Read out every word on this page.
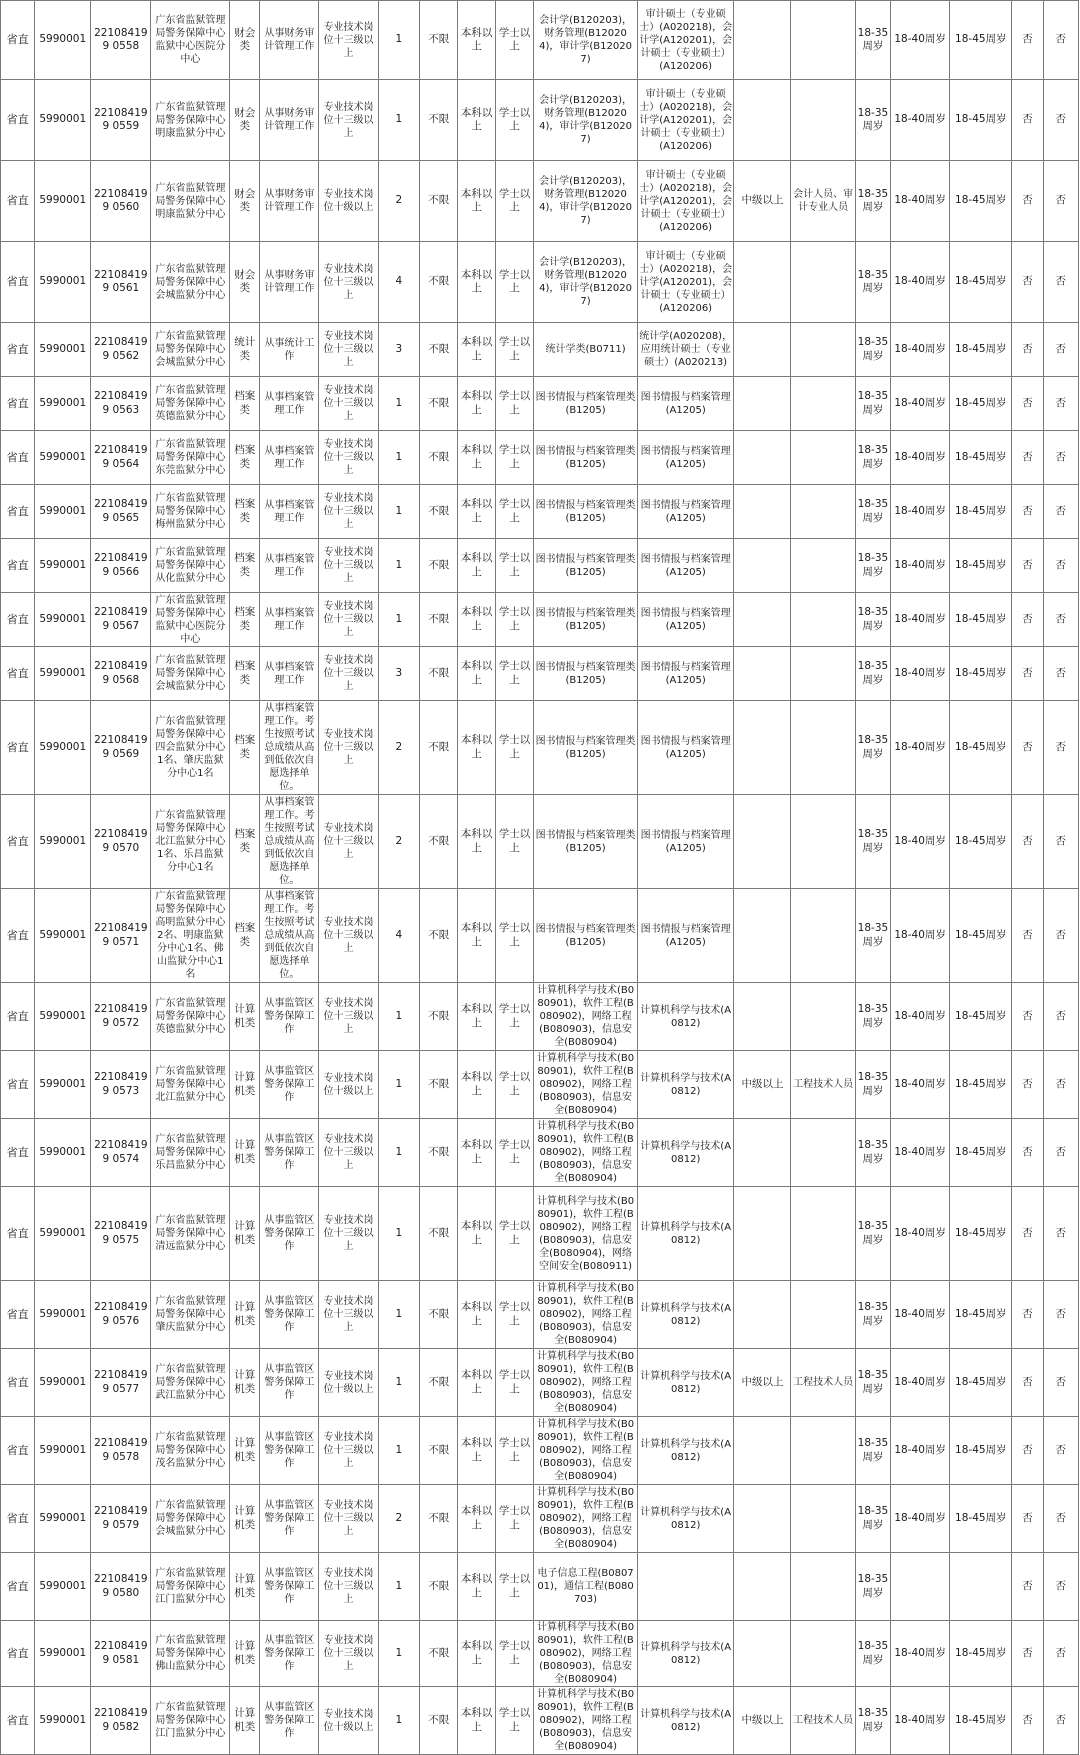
省直	5990001	221084199 0558	广东省监狱管理局警务保障中心监狱中心医院分中心	财会类	从事财务审计管理工作	专业技术岗位十三级以上	1	不限	本科以上	学士以上	会计学(B120203)，财务管理(B120204)，审计学(B120207)	审计硕士（专业硕士）(A020218)，会计学(A120201)，会计硕士（专业硕士）(A120206)			18-35周岁	18-40周岁	18-45周岁	否	否
省直	5990001	221084199 0559	广东省监狱管理局警务保障中心明康监狱分中心	财会类	从事财务审计管理工作	专业技术岗位十三级以上	1	不限	本科以上	学士以上	会计学(B120203)，财务管理(B120204)，审计学(B120207)	审计硕士（专业硕士）(A020218)，会计学(A120201)，会计硕士（专业硕士）(A120206)			18-35周岁	18-40周岁	18-45周岁	否	否
省直	5990001	221084199 0560	广东省监狱管理局警务保障中心明康监狱分中心	财会类	从事财务审计管理工作	专业技术岗位十级以上	2	不限	本科以上	学士以上	会计学(B120203)，财务管理(B120204)，审计学(B120207)	审计硕士（专业硕士）(A020218)，会计学(A120201)，会计硕士（专业硕士）(A120206)	中级以上	会计人员、审计专业人员	18-35周岁	18-40周岁	18-45周岁	否	否
省直	5990001	221084199 0561	广东省监狱管理局警务保障中心会城监狱分中心	财会类	从事财务审计管理工作	专业技术岗位十三级以上	4	不限	本科以上	学士以上	会计学(B120203)，财务管理(B120204)，审计学(B120207)	审计硕士（专业硕士）(A020218)，会计学(A120201)，会计硕士（专业硕士）(A120206)			18-35周岁	18-40周岁	18-45周岁	否	否
省直	5990001	221084199 0562	广东省监狱管理局警务保障中心会城监狱分中心	统计类	从事统计工作	专业技术岗位十三级以上	3	不限	本科以上	学士以上	统计学类(B0711)	统计学(A020208)，应用统计硕士（专业硕士）(A020213)			18-35周岁	18-40周岁	18-45周岁	否	否
省直	5990001	221084199 0563	广东省监狱管理局警务保障中心英德监狱分中心	档案类	从事档案管理工作	专业技术岗位十三级以上	1	不限	本科以上	学士以上	图书情报与档案管理类(B1205)	图书情报与档案管理(A1205)			18-35周岁	18-40周岁	18-45周岁	否	否
省直	5990001	221084199 0564	广东省监狱管理局警务保障中心东莞监狱分中心	档案类	从事档案管理工作	专业技术岗位十三级以上	1	不限	本科以上	学士以上	图书情报与档案管理类(B1205)	图书情报与档案管理(A1205)			18-35周岁	18-40周岁	18-45周岁	否	否
省直	5990001	221084199 0565	广东省监狱管理局警务保障中心梅州监狱分中心	档案类	从事档案管理工作	专业技术岗位十三级以上	1	不限	本科以上	学士以上	图书情报与档案管理类(B1205)	图书情报与档案管理(A1205)			18-35周岁	18-40周岁	18-45周岁	否	否
省直	5990001	221084199 0566	广东省监狱管理局警务保障中心从化监狱分中心	档案类	从事档案管理工作	专业技术岗位十三级以上	1	不限	本科以上	学士以上	图书情报与档案管理类(B1205)	图书情报与档案管理(A1205)			18-35周岁	18-40周岁	18-45周岁	否	否
省直	5990001	221084199 0567	广东省监狱管理局警务保障中心监狱中心医院分中心	档案类	从事档案管理工作	专业技术岗位十三级以上	1	不限	本科以上	学士以上	图书情报与档案管理类(B1205)	图书情报与档案管理(A1205)			18-35周岁	18-40周岁	18-45周岁	否	否
省直	5990001	221084199 0568	广东省监狱管理局警务保障中心会城监狱分中心	档案类	从事档案管理工作	专业技术岗位十三级以上	3	不限	本科以上	学士以上	图书情报与档案管理类(B1205)	图书情报与档案管理(A1205)			18-35周岁	18-40周岁	18-45周岁	否	否
省直	5990001	221084199 0569	广东省监狱管理局警务保障中心四会监狱分中心1名、肇庆监狱分中心1名	档案类	从事档案管理工作。考生按照考试总成绩从高到低依次自愿选择单位。	专业技术岗位十三级以上	2	不限	本科以上	学士以上	图书情报与档案管理类(B1205)	图书情报与档案管理(A1205)			18-35周岁	18-40周岁	18-45周岁	否	否
省直	5990001	221084199 0570	广东省监狱管理局警务保障中心北江监狱分中心1名、乐昌监狱分中心1名	档案类	从事档案管理工作。考生按照考试总成绩从高到低依次自愿选择单位。	专业技术岗位十三级以上	2	不限	本科以上	学士以上	图书情报与档案管理类(B1205)	图书情报与档案管理(A1205)			18-35周岁	18-40周岁	18-45周岁	否	否
省直	5990001	221084199 0571	广东省监狱管理局警务保障中心高明监狱分中心2名、明康监狱分中心1名、佛山监狱分中心1名	档案类	从事档案管理工作。考生按照考试总成绩从高到低依次自愿选择单位。	专业技术岗位十三级以上	4	不限	本科以上	学士以上	图书情报与档案管理类(B1205)	图书情报与档案管理(A1205)			18-35周岁	18-40周岁	18-45周岁	否	否
省直	5990001	221084199 0572	广东省监狱管理局警务保障中心英德监狱分中心	计算机类	从事监管区警务保障工作	专业技术岗位十三级以上	1	不限	本科以上	学士以上	计算机科学与技术(B080901)，软件工程(B080902)，网络工程(B080903)，信息安全(B080904)	计算机科学与技术(A0812)			18-35周岁	18-40周岁	18-45周岁	否	否
省直	5990001	221084199 0573	广东省监狱管理局警务保障中心北江监狱分中心	计算机类	从事监管区警务保障工作	专业技术岗位十级以上	1	不限	本科以上	学士以上	计算机科学与技术(B080901)，软件工程(B080902)，网络工程(B080903)，信息安全(B080904)	计算机科学与技术(A0812)	中级以上	工程技术人员	18-35周岁	18-40周岁	18-45周岁	否	否
省直	5990001	221084199 0574	广东省监狱管理局警务保障中心乐昌监狱分中心	计算机类	从事监管区警务保障工作	专业技术岗位十三级以上	1	不限	本科以上	学士以上	计算机科学与技术(B080901)，软件工程(B080902)，网络工程(B080903)，信息安全(B080904)	计算机科学与技术(A0812)			18-35周岁	18-40周岁	18-45周岁	否	否
省直	5990001	221084199 0575	广东省监狱管理局警务保障中心清远监狱分中心	计算机类	从事监管区警务保障工作	专业技术岗位十三级以上	1	不限	本科以上	学士以上	计算机科学与技术(B080901)，软件工程(B080902)，网络工程(B080903)，信息安全(B080904)，网络空间安全(B080911)	计算机科学与技术(A0812)			18-35周岁	18-40周岁	18-45周岁	否	否
省直	5990001	221084199 0576	广东省监狱管理局警务保障中心肇庆监狱分中心	计算机类	从事监管区警务保障工作	专业技术岗位十三级以上	1	不限	本科以上	学士以上	计算机科学与技术(B080901)，软件工程(B080902)，网络工程(B080903)，信息安全(B080904)	计算机科学与技术(A0812)			18-35周岁	18-40周岁	18-45周岁	否	否
省直	5990001	221084199 0577	广东省监狱管理局警务保障中心武江监狱分中心	计算机类	从事监管区警务保障工作	专业技术岗位十级以上	1	不限	本科以上	学士以上	计算机科学与技术(B080901)，软件工程(B080902)，网络工程(B080903)，信息安全(B080904)	计算机科学与技术(A0812)	中级以上	工程技术人员	18-35周岁	18-40周岁	18-45周岁	否	否
省直	5990001	221084199 0578	广东省监狱管理局警务保障中心茂名监狱分中心	计算机类	从事监管区警务保障工作	专业技术岗位十三级以上	1	不限	本科以上	学士以上	计算机科学与技术(B080901)，软件工程(B080902)，网络工程(B080903)，信息安全(B080904)	计算机科学与技术(A0812)			18-35周岁	18-40周岁	18-45周岁	否	否
省直	5990001	221084199 0579	广东省监狱管理局警务保障中心会城监狱分中心	计算机类	从事监管区警务保障工作	专业技术岗位十三级以上	2	不限	本科以上	学士以上	计算机科学与技术(B080901)，软件工程(B080902)，网络工程(B080903)，信息安全(B080904)	计算机科学与技术(A0812)			18-35周岁	18-40周岁	18-45周岁	否	否
省直	5990001	221084199 0580	广东省监狱管理局警务保障中心江门监狱分中心	计算机类	从事监管区警务保障工作	专业技术岗位十三级以上	1	不限	本科以上	学士以上	电子信息工程(B080701)，通信工程(B080703)				18-35周岁			否	否
省直	5990001	221084199 0581	广东省监狱管理局警务保障中心佛山监狱分中心	计算机类	从事监管区警务保障工作	专业技术岗位十三级以上	1	不限	本科以上	学士以上	计算机科学与技术(B080901)，软件工程(B080902)，网络工程(B080903)，信息安全(B080904)	计算机科学与技术(A0812)			18-35周岁	18-40周岁	18-45周岁	否	否
省直	5990001	221084199 0582	广东省监狱管理局警务保障中心江门监狱分中心	计算机类	从事监管区警务保障工作	专业技术岗位十级以上	1	不限	本科以上	学士以上	计算机科学与技术(B080901)，软件工程(B080902)，网络工程(B080903)，信息安全(B080904)	计算机科学与技术(A0812)	中级以上	工程技术人员	18-35周岁	18-40周岁	18-45周岁	否	否
